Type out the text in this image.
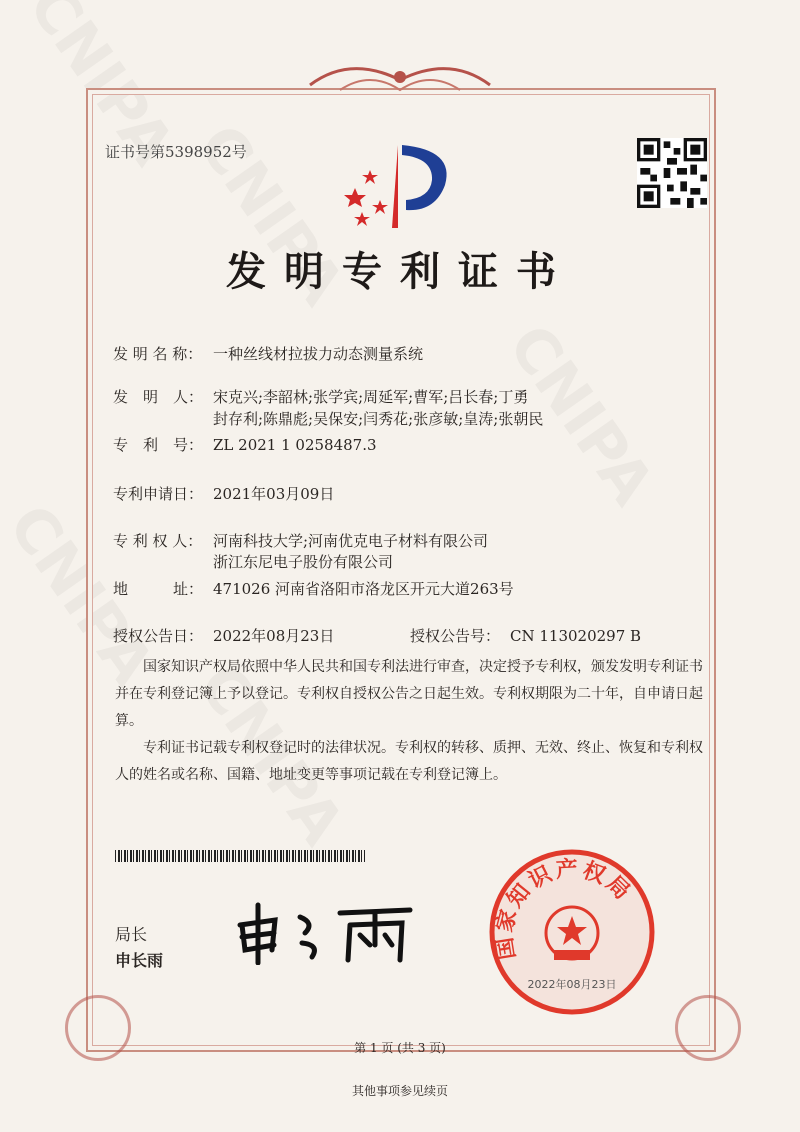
证书号第5398952号
发明专利证书
发 明 名 称： 一种丝线材拉拔力动态测量系统
发　明　人： 宋克兴;李韶林;张学宾;周延军;曹军;吕长春;丁勇
封存利;陈鼎彪;吴保安;闫秀花;张彦敏;皇涛;张朝民
专　利　号： ZL 2021 1 0258487.3
专利申请日： 2021年03月09日
专 利 权 人： 河南科技大学;河南优克电子材料有限公司
浙江东尼电子股份有限公司
地　　　址： 471026 河南省洛阳市洛龙区开元大道263号
授权公告日： 2022年08月23日	授权公告号： CN 113020297 B
国家知识产权局依照中华人民共和国专利法进行审查，决定授予专利权，颁发发明专利证书并在专利登记簿上予以登记。专利权自授权公告之日起生效。专利权期限为二十年，自申请日起算。
专利证书记载专利权登记时的法律状况。专利权的转移、质押、无效、终止、恢复和专利权人的姓名或名称、国籍、地址变更等事项记载在专利登记簿上。
局长
申长雨	国家知识产权局
2022年08月23日
第 1 页 (共 3 页)
其他事项参见续页
